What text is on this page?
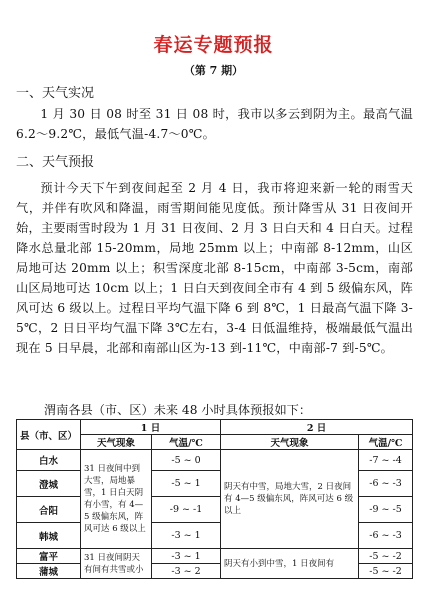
春运专题预报
（第 7 期）
一、天气实况
1 月 30 日 08 时至 31 日 08 时，我市以多云到阴为主。最高气温 6.2～9.2℃，最低气温-4.7～0℃。
二、天气预报
预计今天下午到夜间起至 2 月 4 日，我市将迎来新一轮的雨雪天气，并伴有吹风和降温，雨雪期间能见度低。预计降雪从 31 日夜间开始，主要雨雪时段为 1 月 31 日夜间、2 月 3 日白天和 4 日白天。过程降水总量北部 15-20mm，局地 25mm 以上；中南部 8-12mm，山区局地可达 20mm 以上；积雪深度北部 8-15cm，中南部 3-5cm，南部山区局地可达 10cm 以上；1 日白天到夜间全市有 4 到 5 级偏东风，阵风可达 6 级以上。过程日平均气温下降 6 到 8℃，1 日最高气温下降 3-5℃，2 日日平均气温下降 3℃左右，3-4 日低温维持，极端最低气温出现在 5 日早晨，北部和南部山区为-13 到-11℃，中南部-7 到-5℃。
渭南各县（市、区）未来 48 小时具体预报如下：
县（市、区）	1 日		2 日	
	天气现象	气温/℃	天气现象	气温/℃
白水	31 日夜间中到大雪，局地暴雪，1 日白天阴有小雪，有 4—5 级偏东风，阵风可达 6 级以上	-5 ~ 0	阴天有中雪，局地大雪，2 日夜间有 4—5 级偏东风，阵风可达 6 级以上	-7 ~ -4
澄城		-5 ~ 1		-6 ~ -3
合阳		-9 ~ -1		-9 ~ -5
韩城		-3 ~ 1		-6 ~ -3
富平	31 日夜间阴天有间有共雪或小	-3 ~ 1	阴天有小到中雪，1 日夜间有	-5 ~ -2
蒲城		-3 ~ 2		-5 ~ -2
